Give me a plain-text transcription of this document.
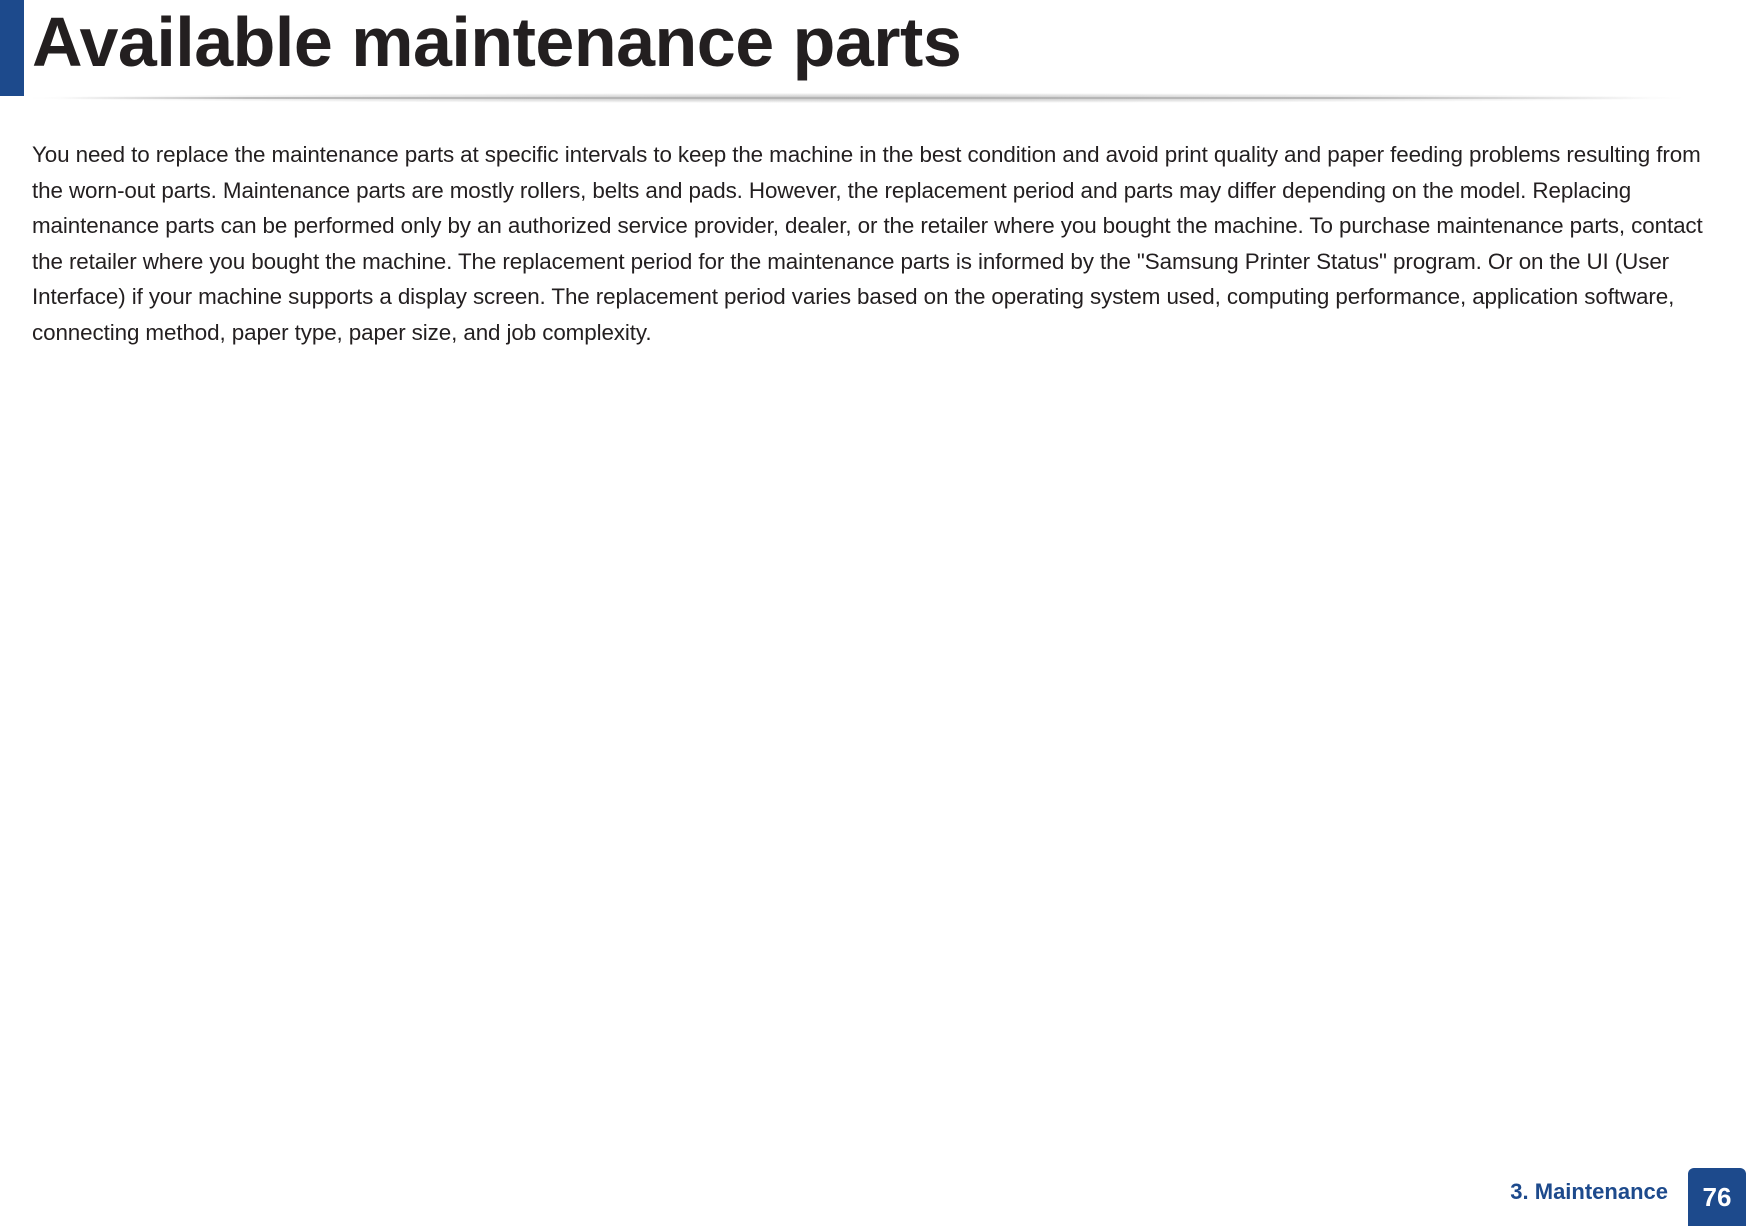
Available maintenance parts

You need to replace the maintenance parts at specific intervals to keep the machine in the best condition and avoid print quality and paper feeding problems resulting from the worn-out parts. Maintenance parts are mostly rollers, belts and pads. However, the replacement period and parts may differ depending on the model. Replacing maintenance parts can be performed only by an authorized service provider, dealer, or the retailer where you bought the machine. To purchase maintenance parts, contact the retailer where you bought the machine. The replacement period for the maintenance parts is informed by the "Samsung Printer Status" program. Or on the UI (User Interface) if your machine supports a display screen. The replacement period varies based on the operating system used, computing performance, application software, connecting method, paper type, paper size, and job complexity.

3. Maintenance 76
